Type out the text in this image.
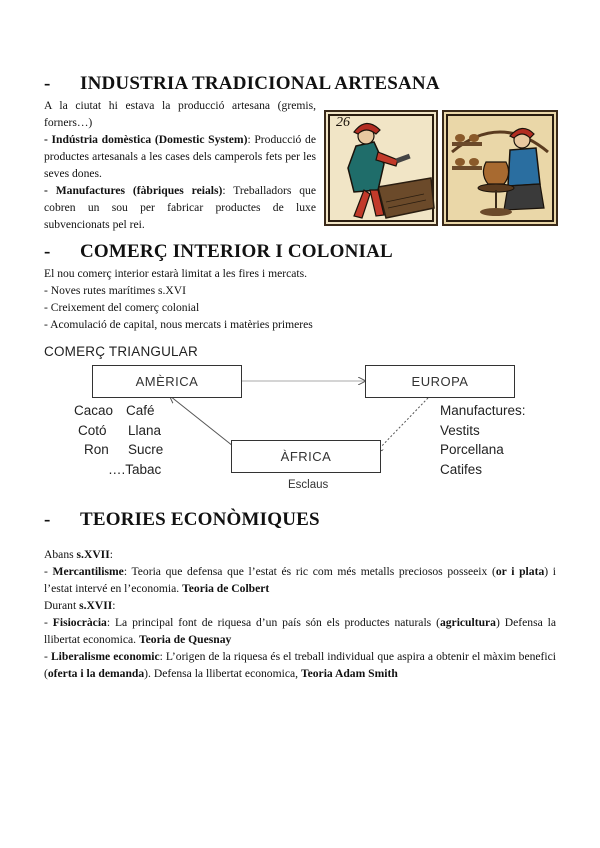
- INDUSTRIA TRADICIONAL ARTESANA
A la ciutat hi estava la producció artesana (gremis, forners…)
- Indústria domèstica (Domestic System): Producció de productes artesanals a les cases dels camperols fets per les seves dones.
- Manufactures (fàbriques reials): Treballadors que cobren un sou per fabricar productes de luxe subvencionats pel rei.
26
- COMERÇ INTERIOR I COLONIAL
El nou comerç interior estarà limitat a les fires i mercats.
- Noves rutes marítimes s.XVI
- Creixement del comerç colonial
- Acomulació de capital, nous mercats i matèries primeres
COMERÇ TRIANGULAR
AMÈRICA	EUROPA
ÀFRICA
Cacao Café
Cotó Llana
Ron Sucre
….Tabac
Manufactures:
Vestits
Porcellana
Catifes
Esclaus
- TEORIES ECONÒMIQUES
Abans s.XVII:
- Mercantilisme: Teoria que defensa que l’estat és ric com més metalls preciosos posseeix (or i plata) i l’estat intervé en l’economia. Teoria de Colbert
Durant s.XVII:
- Fisiocràcia: La principal font de riquesa d’un país són els productes naturals (agricultura) Defensa la llibertat economica. Teoria de Quesnay
- Liberalisme economic: L’origen de la riquesa és el treball individual que aspira a obtenir el màxim benefici (oferta i la demanda). Defensa la llibertat economica, Teoria Adam Smith
